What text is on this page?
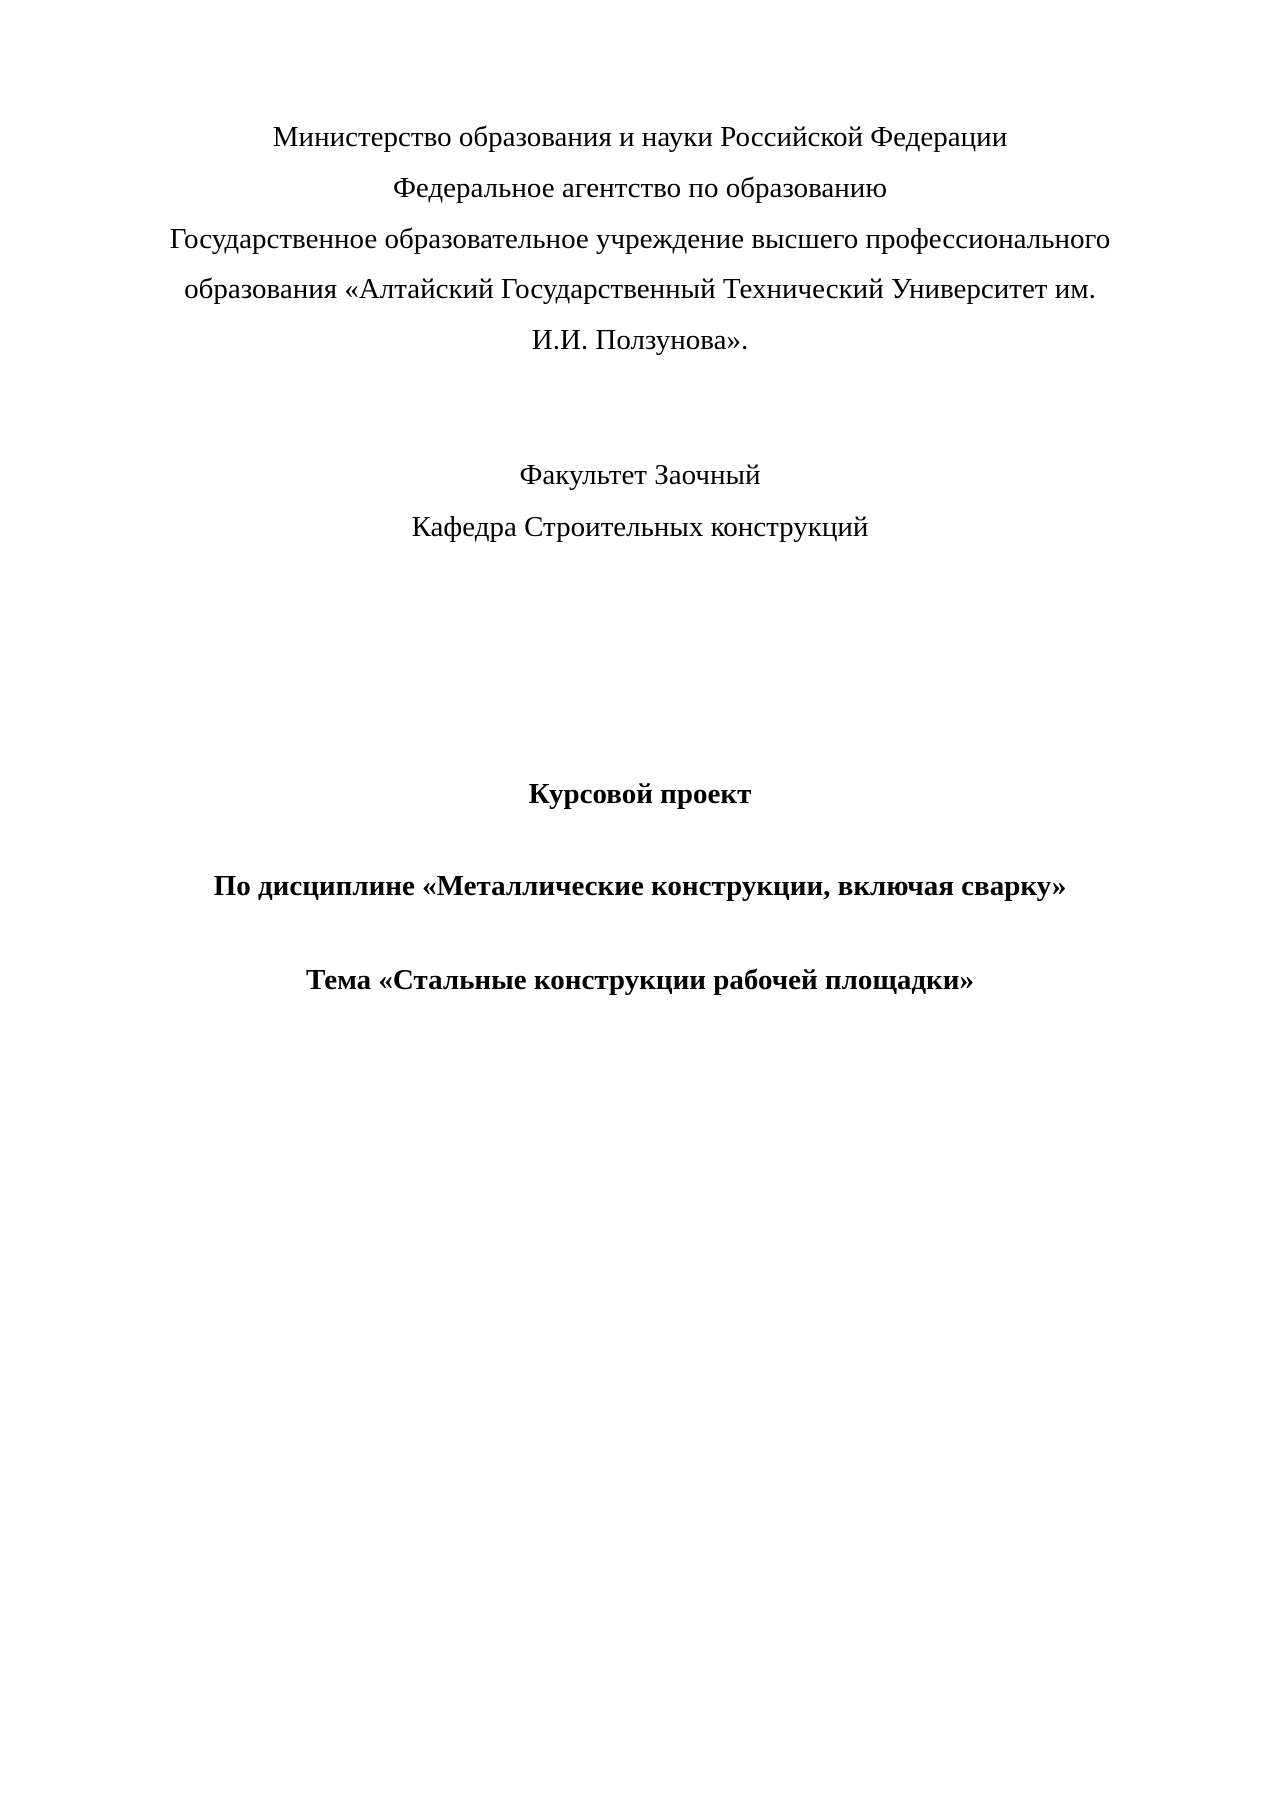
Министерство образования и науки Российской Федерации

Федеральное агентство по образованию

Государственное образовательное учреждение высшего профессионального

образования «Алтайский Государственный Технический Университет им.

И.И. Ползунова».

Факультет Заочный

Кафедра Строительных конструкций

Курсовой проект

По дисциплине «Металлические конструкции, включая сварку»

Тема «Стальные конструкции рабочей площадки»
